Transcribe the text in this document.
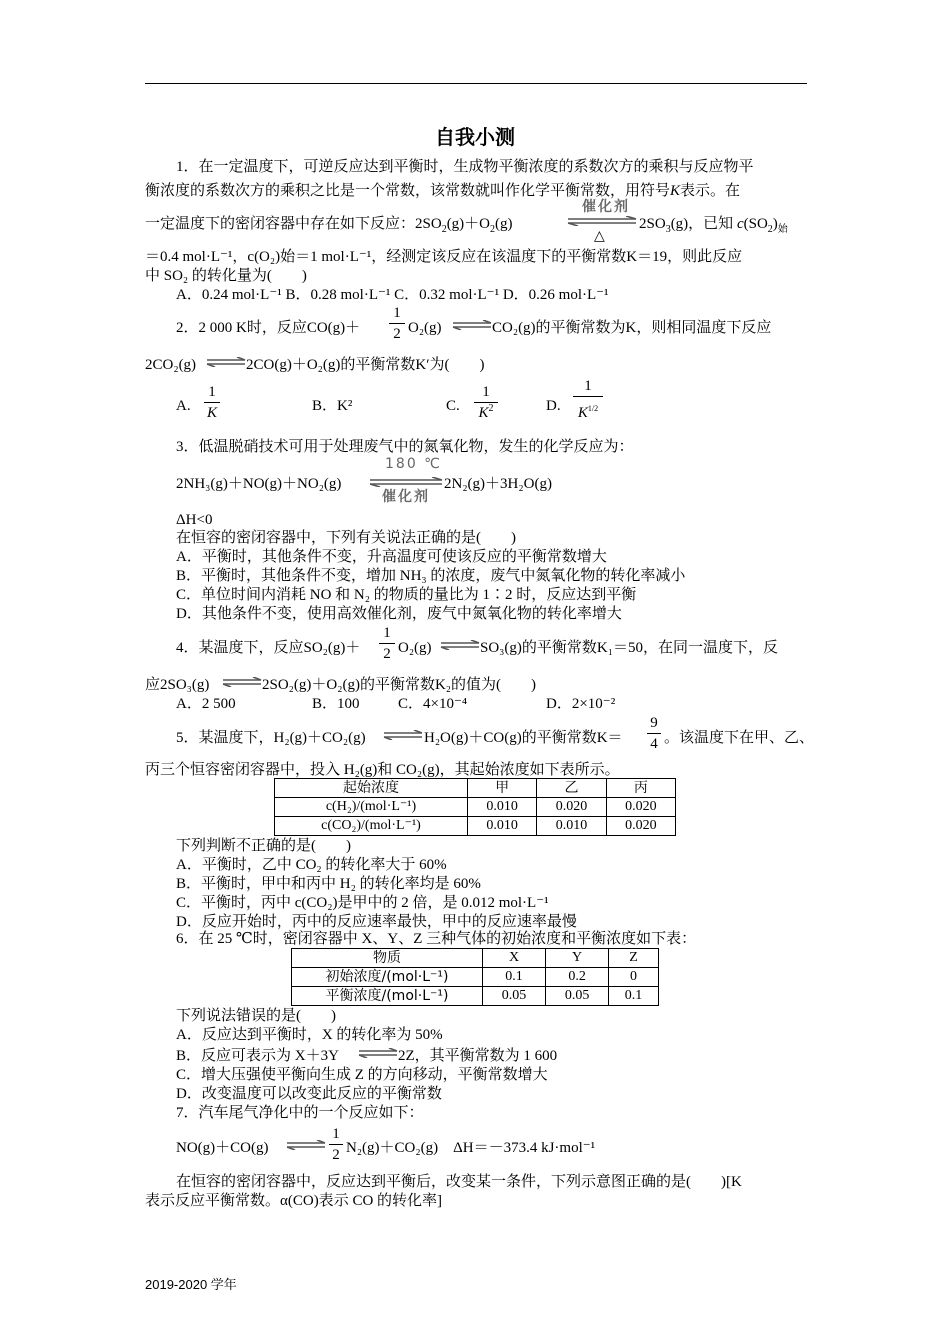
自我小测
1．在一定温度下，可逆反应达到平衡时，生成物平衡浓度的系数次方的乘积与反应物平
衡浓度的系数次方的乘积之比是一个常数，该常数就叫作化学平衡常数，用符号K表示。在
一定温度下的密闭容器中存在如下反应：$2SO_2(g)+O_2(g)$
催化剂
△
$2SO_3(g)$，已知 $c(SO_2)_始$
＝0.4 mol·L⁻¹，c(O₂)始＝1 mol·L⁻¹，经测定该反应在该温度下的平衡常数K＝19，则此反应
中 SO₂ 的转化量为(　　)
A．0.24 mol·L⁻¹ B．0.28 mol·L⁻¹ C．0.32 mol·L⁻¹ D．0.26 mol·L⁻¹
2．2 000 K时，反应CO(g)＋
1
2 O₂(g) ⇌ CO₂(g)的平衡常数为K，则相同温度下反应
2CO₂(g) ⇌ 2CO(g)＋O₂(g)的平衡常数K′为(　　)
A.
1
K	B．K²	C.
1
$K^2$	D.
1
$K^{1/2}$
3．低温脱硝技术可用于处理废气中的氮氧化物，发生的化学反应为：
180 ℃
催化剂
2NH₃(g)＋NO(g)＋NO₂(g)	2N₂(g)＋3H₂O(g)
ΔH<0
在恒容的密闭容器中，下列有关说法正确的是(　　)
A．平衡时，其他条件不变，升高温度可使该反应的平衡常数增大
B．平衡时，其他条件不变，增加 NH₃ 的浓度，废气中氮氧化物的转化率减小
C．单位时间内消耗 NO 和 N₂ 的物质的量比为 1∶2 时，反应达到平衡
D．其他条件不变，使用高效催化剂，废气中氮氧化物的转化率增大
4．某温度下，反应SO₂(g)＋
1
2 O₂(g) ⇌ SO₃(g)的平衡常数K₁＝50，在同一温度下，反
应2SO₃(g) ⇌ 2SO₂(g)＋O₂(g)的平衡常数K₂的值为(　　)
A．2 500	B．100	C．4×10⁻⁴	D．2×10⁻²
5．某温度下，H₂(g)＋CO₂(g) ⇌ H₂O(g)＋CO(g)的平衡常数K＝
9
4 。该温度下在甲、乙、
丙三个恒容密闭容器中，投入 H₂(g)和 CO₂(g)，其起始浓度如下表所示。
起始浓度	甲	乙	丙
c(H₂)/(mol·L⁻¹)	0.010	0.020	0.020
c(CO₂)/(mol·L⁻¹)	0.010	0.010	0.020
下列判断不正确的是(　　)
A．平衡时，乙中 CO₂ 的转化率大于 60%
B．平衡时，甲中和丙中 H₂ 的转化率均是 60%
C．平衡时，丙中 c(CO₂)是甲中的 2 倍，是 0.012 mol·L⁻¹
D．反应开始时，丙中的反应速率最快，甲中的反应速率最慢
6．在 25 ℃时，密闭容器中 X、Y、Z 三种气体的初始浓度和平衡浓度如下表：
物质	X	Y	Z
初始浓度/(mol·L⁻¹)	0.1	0.2	0
平衡浓度/(mol·L⁻¹)	0.05	0.05	0.1
下列说法错误的是(　　)
A．反应达到平衡时，X 的转化率为 50%
B．反应可表示为 X＋3Y ⇌ 2Z，其平衡常数为 1 600
C．增大压强使平衡向生成 Z 的方向移动，平衡常数增大
D．改变温度可以改变此反应的平衡常数
7．汽车尾气净化中的一个反应如下：
NO(g)＋CO(g) ⇌
1
2 N₂(g)＋CO₂(g)　ΔH＝－373.4 kJ·mol⁻¹
在恒容的密闭容器中，反应达到平衡后，改变某一条件，下列示意图正确的是(　　)[K
表示反应平衡常数。α(CO)表示 CO 的转化率]
2019-2020 学年
